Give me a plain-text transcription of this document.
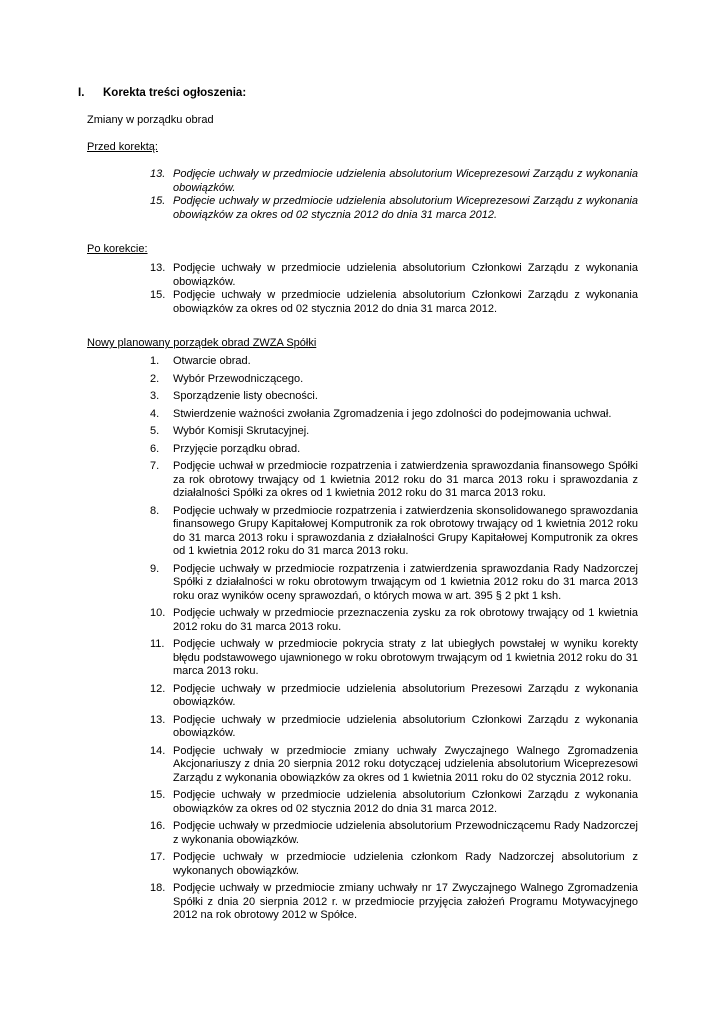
I.	Korekta treści ogłoszenia:
Zmiany w porządku obrad
Przed korektą:
13. Podjęcie uchwały w przedmiocie udzielenia absolutorium Wiceprezesowi Zarządu z wykonania obowiązków.
15. Podjęcie uchwały w przedmiocie udzielenia absolutorium Wiceprezesowi Zarządu z wykonania obowiązków za okres od 02 stycznia 2012 do dnia 31 marca 2012.
Po korekcie:
13. Podjęcie uchwały w przedmiocie udzielenia absolutorium Członkowi Zarządu z wykonania obowiązków.
15. Podjęcie uchwały w przedmiocie udzielenia absolutorium Członkowi Zarządu z wykonania obowiązków za okres od 02 stycznia 2012 do dnia 31 marca 2012.
Nowy planowany porządek obrad ZWZA Spółki
1.	Otwarcie obrad.
2.	Wybór Przewodniczącego.
3.	Sporządzenie listy obecności.
4.	Stwierdzenie ważności zwołania Zgromadzenia i jego zdolności do podejmowania uchwał.
5.	Wybór Komisji Skrutacyjnej.
6.	Przyjęcie porządku obrad.
7.	Podjęcie uchwał w przedmiocie rozpatrzenia i zatwierdzenia sprawozdania finansowego Spółki za rok obrotowy trwający od 1 kwietnia 2012 roku do 31 marca 2013 roku i sprawozdania z działalności Spółki za okres od 1 kwietnia 2012 roku do 31 marca 2013 roku.
8.	Podjęcie uchwały w przedmiocie rozpatrzenia i zatwierdzenia skonsolidowanego sprawozdania finansowego Grupy Kapitałowej Komputronik za rok obrotowy trwający od 1 kwietnia 2012 roku do 31 marca 2013 roku i sprawozdania z działalności Grupy Kapitałowej Komputronik za okres od 1 kwietnia 2012 roku do 31 marca 2013 roku.
9.	Podjęcie uchwały w przedmiocie rozpatrzenia i zatwierdzenia sprawozdania Rady Nadzorczej Spółki z działalności w roku obrotowym trwającym od 1 kwietnia 2012 roku do 31 marca 2013 roku oraz wyników oceny sprawozdań, o których mowa w art. 395 § 2 pkt 1 ksh.
10. Podjęcie uchwały w przedmiocie przeznaczenia zysku za rok obrotowy trwający od 1 kwietnia 2012 roku do 31 marca 2013 roku.
11. Podjęcie uchwały w przedmiocie pokrycia straty z lat ubiegłych powstałej w wyniku korekty błędu podstawowego ujawnionego w roku obrotowym trwającym od 1 kwietnia 2012 roku do 31 marca 2013 roku.
12. Podjęcie uchwały w przedmiocie udzielenia absolutorium Prezesowi Zarządu z wykonania obowiązków.
13. Podjęcie uchwały w przedmiocie udzielenia absolutorium Członkowi Zarządu z wykonania obowiązków.
14. Podjęcie uchwały w przedmiocie zmiany uchwały Zwyczajnego Walnego Zgromadzenia Akcjonariuszy z dnia 20 sierpnia 2012 roku dotyczącej udzielenia absolutorium Wiceprezesowi Zarządu z wykonania obowiązków za okres od 1 kwietnia 2011 roku do 02 stycznia 2012 roku.
15. Podjęcie uchwały w przedmiocie udzielenia absolutorium Członkowi Zarządu z wykonania obowiązków za okres od 02 stycznia 2012 do dnia 31 marca 2012.
16. Podjęcie uchwały w przedmiocie udzielenia absolutorium Przewodniczącemu Rady Nadzorczej z wykonania obowiązków.
17. Podjęcie uchwały w przedmiocie udzielenia członkom Rady Nadzorczej absolutorium z wykonanych obowiązków.
18. Podjęcie uchwały w przedmiocie zmiany uchwały nr 17 Zwyczajnego Walnego Zgromadzenia Spółki z dnia 20 sierpnia 2012 r. w przedmiocie przyjęcia założeń Programu Motywacyjnego 2012 na rok obrotowy 2012 w Spółce.
